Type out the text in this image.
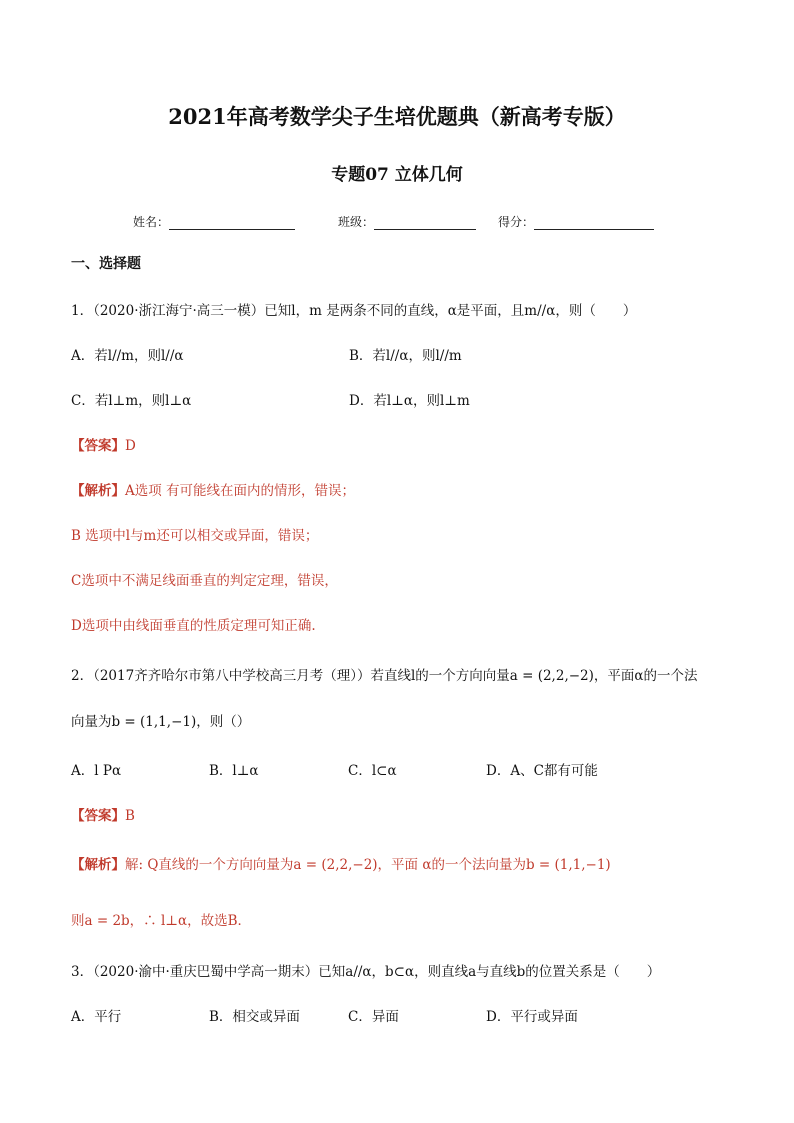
2021年高考数学尖子生培优题典（新高考专版）
专题07 立体几何
姓名：	班级：	得分：
一、选择题
1．（2020·浙江海宁·高三一模）已知l，m 是两条不同的直线，α是平面，且m//α，则（　　）
A．若l//m，则l//α	B．若l//α，则l//m
C．若l⊥m，则l⊥α	D．若l⊥α，则l⊥m
【答案】D
【解析】A选项 有可能线在面内的情形，错误；
B 选项中l与m还可以相交或异面，错误；
C选项中不满足线面垂直的判定定理，错误，
D选项中由线面垂直的性质定理可知正确.
2．（2017齐齐哈尔市第八中学校高三月考（理））若直线l的一个方向向量a = (2,2,−2)，平面α的一个法
向量为b = (1,1,−1)，则（）
A．l Pα	B．l⊥α	C．l⊂α	D．A、C都有可能
【答案】B
【解析】解: Q直线的一个方向向量为a = (2,2,−2)，平面 α的一个法向量为b = (1,1,−1)
则a = 2b，∴ l⊥α，故选B．
3．（2020·渝中·重庆巴蜀中学高一期末）已知a//α，b⊂α，则直线a与直线b的位置关系是（　　）
A．平行	B．相交或异面	C．异面	D．平行或异面
